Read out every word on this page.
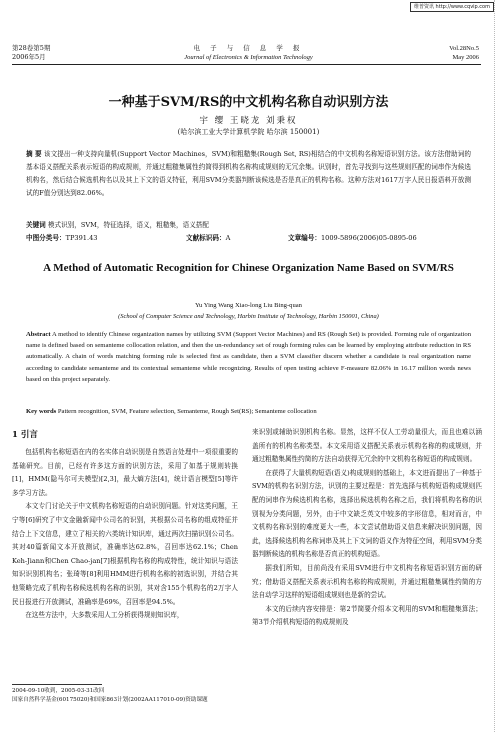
维普资讯 http://www.cqvip.com
第28卷第5期
2006年5月
电 子 与 信 息 学 报
Journal of Electronics & Information Technology
Vol.28No.5
May 2006
一种基于SVM/RS的中文机构名称自动识别方法
宇 缨 王晓龙 刘秉权
(哈尔滨工业大学计算机学院 哈尔滨 150001)
摘 要 该文提出一种支持向量机(Support Vector Machines，SVM)和粗糙集(Rough Set, RS)相结合的中文机构名称短语识别方法。该方法借助词的基本语义搭配关系表示短语的构成规则，并通过粗糙集属性约简得到机构名称构成规则的无冗余集。识别时，首先寻找到与这些规则匹配的词串作为候选机构名，然后结合候选机构名以及其上下文的语义特征，利用SVM分类器判断该候选是否是真正的机构名称。这种方法对1617万字人民日报语料开放测试的F值分别达到82.06%。
关键词 模式识别，SVM，特征选择，语义，粗糙集，语义搭配
中图分类号：TP391.43	文献标识码：A	文章编号：1009-5896(2006)05-0895-06
A Method of Automatic Recognition for Chinese Organization Name Based on SVM/RS
Yu Ying Wang Xiao-long Liu Bing-quan
(School of Computer Science and Technology, Harbin Institute of Technology, Harbin 150001, China)
Abstract A method to identify Chinese organization names by utilizing SVM (Support Vector Machines) and RS (Rough Set) is provided. Forming rule of organization name is defined based on semanteme collocation relation, and then the un-redundancy set of rough forming rules can be learned by employing attribute reduction in RS automatically. A chain of words matching forming rule is selected first as candidate, then a SVM classifier discern whether a candidate is real organization name according to candidate semanteme and its contextual semanteme while recognizing. Results of open testing achieve F-measure 82.06% in 16.17 million words news based on this project separately.
Key words Pattern recognition, SVM, Feature selection, Semanteme, Rough Set(RS); Semanteme collocation
1 引言

包括机构名称短语在内的名实体自动识别是自然语言处理中一项很重要的基础研究。目前，已经有许多这方面的识别方法，采用了如基于规则转换[1]，HMM(隐马尔可夫模型)[2,3]，最大熵方法[4]，统计语言模型[5]等许多学习方法。

本文专门讨论关于中文机构名称短语的自动识别问题。针对这类问题，王宁等[6]研究了中文金融新闻中公司名的识别，其根据公司名称的组成特征并结合上下文信息，建立了相关的六类统计知识库，通过两次扫描识别公司名。其对40篇新闻文本开放测试，准确率达62.8%，召回率达62.1%；Chen Keh-Jiann和Chen Chao-jan[7]根据机构名称的构成特性，统计知识与语法知识识别机构名；张琦等[8]利用HMM进行机构名称的初选识别，并结合其他策略完成了机构名称候选机构名称的识别，其对含155个机构名的2万字人民日报进行开放测试，准确率是69%，召回率是94.5%。

在这些方法中，大多数采用人工分析获得规则知识库，

来识别或辅助识别机构名称。显然，这样不仅人工劳动量很大，而且也难以涵盖所有的机构名称类型。本文采用语义搭配关系表示机构名称的构成规则，并通过粗糙集属性约简的方法自动获得无冗余的中文机构名称短语的构成规则。

在获得了大量机构短语(语义)构成规则的基础上，本文进而提出了一种基于SVM的机构名识别方法，识别的主要过程是：首先选择与机构短语构成规则匹配的词串作为候选机构名称，选择出候选机构名称之后，我们将机构名称的识别视为分类问题，另外，由于中文缺乏英文中较多的字形信息，相对而言，中文机构名称识别的难度更大一些，本文尝试借助语义信息来解决识别问题，因此，选择候选机构名称词串及其上下文词的语义作为特征空间，利用SVM分类器判断候选的机构名称是否真正的机构短语。

据我们所知，目前尚没有采用SVM进行中文机构名称短语识别方面的研究；借助语义搭配关系表示机构名称的构成规则，并通过粗糙集属性约简的方法自动学习这样的短语组成规则也是新的尝试。

本文的后续内容安排是：第2节简要介绍本文利用的SVM和粗糙集算法；第3节介绍机构短语的构成规则及

2004-09-10收到，2005-03-31改回
国家自然科学基金(60175020)和国家863计划(2002AA117010-09)资助课题
